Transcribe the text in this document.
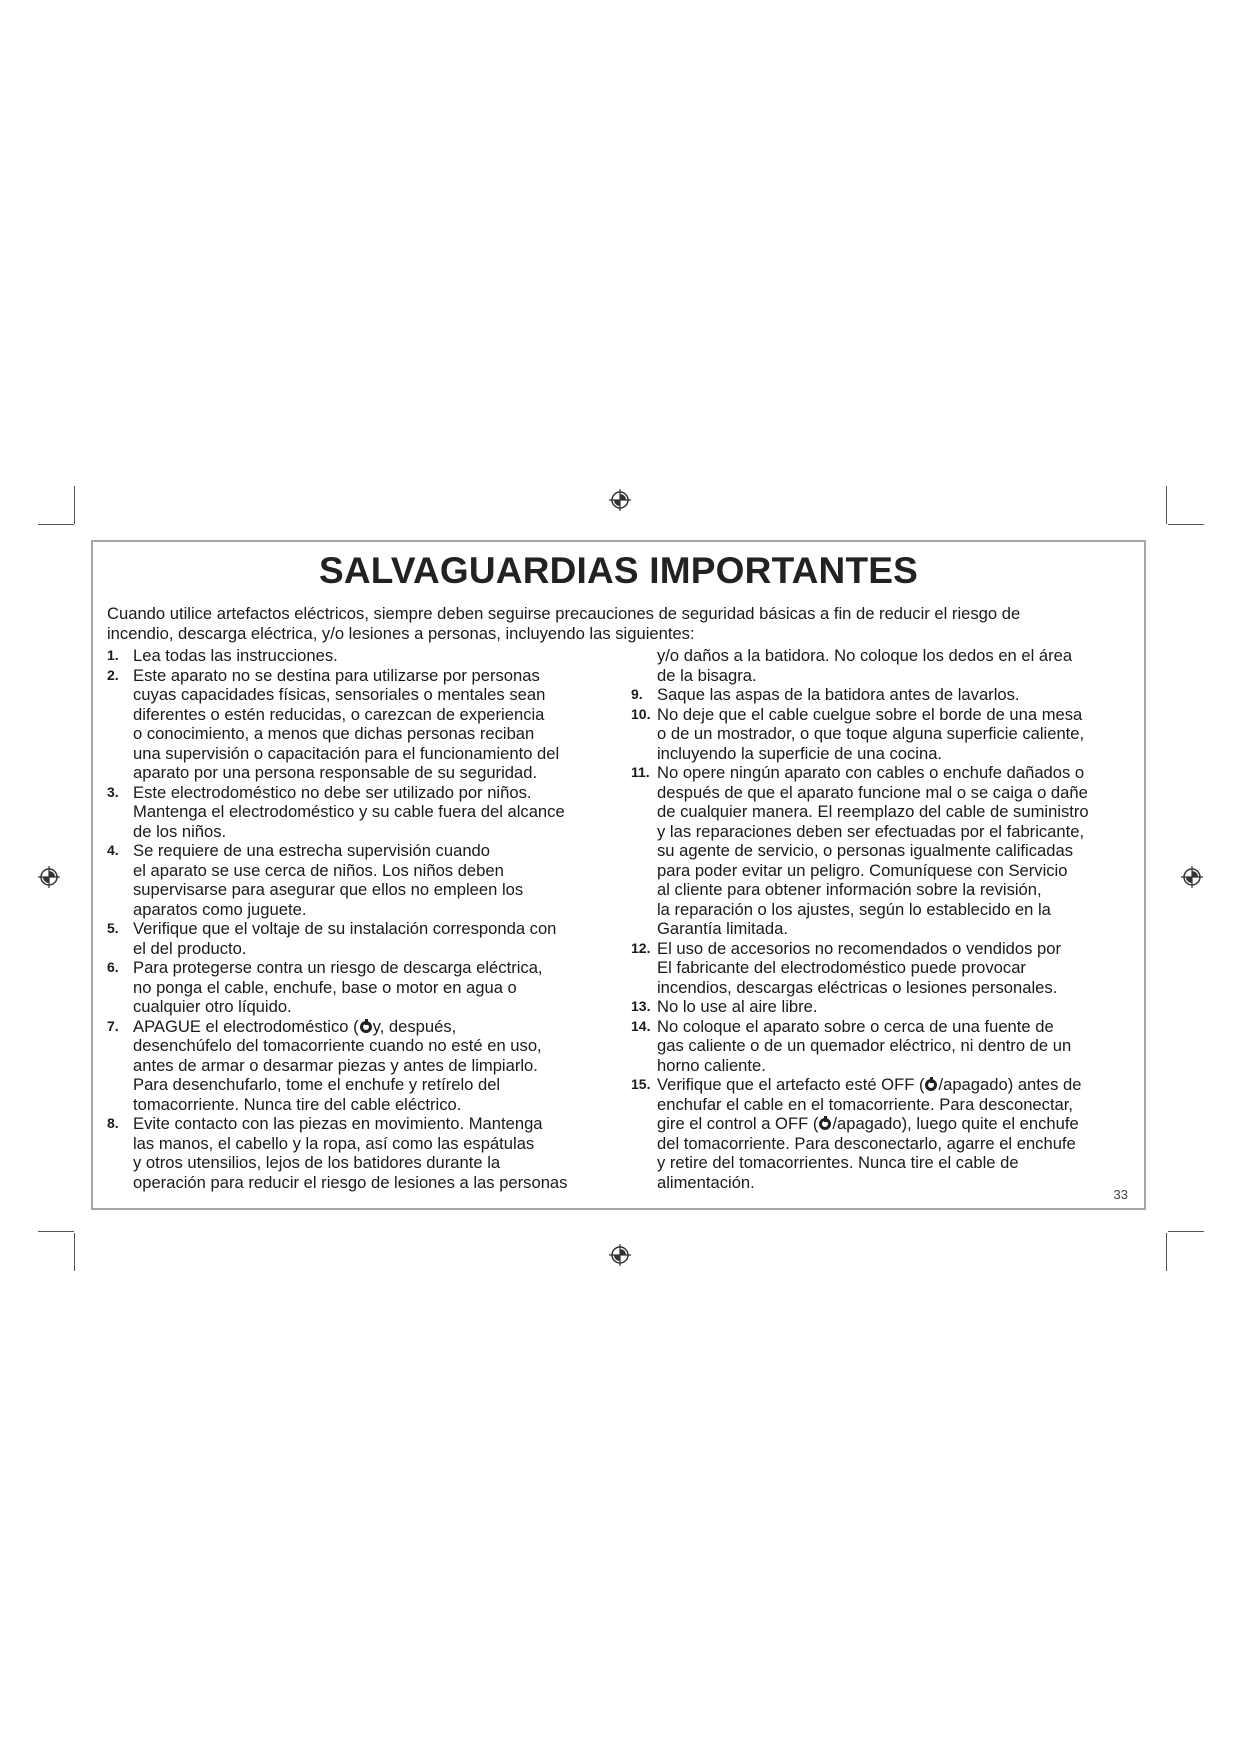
SALVAGUARDIAS IMPORTANTES
Cuando utilice artefactos eléctricos, siempre deben seguirse precauciones de seguridad básicas a fin de reducir el riesgo de
incendio, descarga eléctrica, y/o lesiones a personas, incluyendo las siguientes:
1. Lea todas las instrucciones.
2. Este aparato no se destina para utilizarse por personas
cuyas capacidades físicas, sensoriales o mentales sean
diferentes o estén reducidas, o carezcan de experiencia
o conocimiento, a menos que dichas personas reciban
una supervisión o capacitación para el funcionamiento del
aparato por una persona responsable de su seguridad.
3. Este electrodoméstico no debe ser utilizado por niños.
Mantenga el electrodoméstico y su cable fuera del alcance
de los niños.
4. Se requiere de una estrecha supervisión cuando
el aparato se use cerca de niños. Los niños deben
supervisarse para asegurar que ellos no empleen los
aparatos como juguete.
5. Verifique que el voltaje de su instalación corresponda con
el del producto.
6. Para protegerse contra un riesgo de descarga eléctrica,
no ponga el cable, enchufe, base o motor en agua o
cualquier otro líquido.
7. APAGUE el electrodoméstico ( y, después,
desenchúfelo del tomacorriente cuando no esté en uso,
antes de armar o desarmar piezas y antes de limpiarlo.
Para desenchufarlo, tome el enchufe y retírelo del
tomacorriente. Nunca tire del cable eléctrico.
8. Evite contacto con las piezas en movimiento. Mantenga
las manos, el cabello y la ropa, así como las espátulas
y otros utensilios, lejos de los batidores durante la
operación para reducir el riesgo de lesiones a las personas
y/o daños a la batidora. No coloque los dedos en el área
de la bisagra.
9. Saque las aspas de la batidora antes de lavarlos.
10. No deje que el cable cuelgue sobre el borde de una mesa
o de un mostrador, o que toque alguna superficie caliente,
incluyendo la superficie de una cocina.
11. No opere ningún aparato con cables o enchufe dañados o
después de que el aparato funcione mal o se caiga o dañe
de cualquier manera. El reemplazo del cable de suministro
y las reparaciones deben ser efectuadas por el fabricante,
su agente de servicio, o personas igualmente calificadas
para poder evitar un peligro. Comuníquese con Servicio
al cliente para obtener información sobre la revisión,
la reparación o los ajustes, según lo establecido en la
Garantía limitada.
12. El uso de accesorios no recomendados o vendidos por
El fabricante del electrodoméstico puede provocar
incendios, descargas eléctricas o lesiones personales.
13. No lo use al aire libre.
14. No coloque el aparato sobre o cerca de una fuente de
gas caliente o de un quemador eléctrico, ni dentro de un
horno caliente.
15. Verifique que el artefacto esté OFF ( /apagado) antes de
enchufar el cable en el tomacorriente. Para desconectar,
gire el control a OFF ( /apagado), luego quite el enchufe
del tomacorriente. Para desconectarlo, agarre el enchufe
y retire del tomacorrientes. Nunca tire el cable de
alimentación.
33
